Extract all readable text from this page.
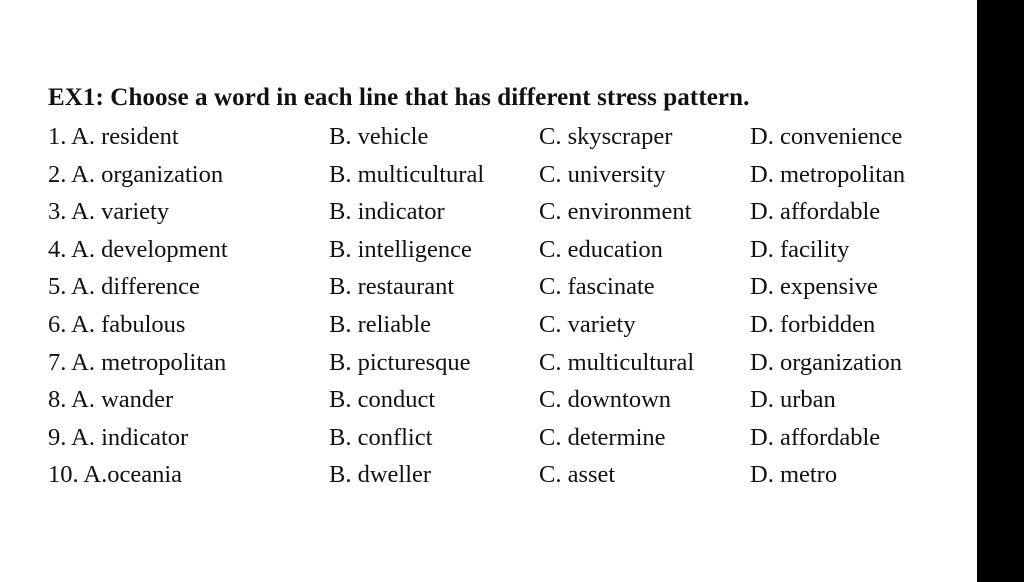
EX1: Choose a word in each line that has different stress pattern.
1. A. resident	B. vehicle	C. skyscraper	D. convenience
2. A. organization	B. multicultural C. university	D. metropolitan
3. A. variety	B. indicator	C. environment D. affordable
4. A. development	B. intelligence	C. education	D. facility
5. A. difference	B. restaurant	C. fascinate	D. expensive
6. A. fabulous	B. reliable	C. variety	D. forbidden
7. A. metropolitan	B. picturesque	C. multicultural D. organization
8. A. wander	B. conduct	C. downtown	D. urban
9. A. indicator	B. conflict	C. determine	D. affordable
10. A.oceania	B. dweller	C. asset	D. metro
